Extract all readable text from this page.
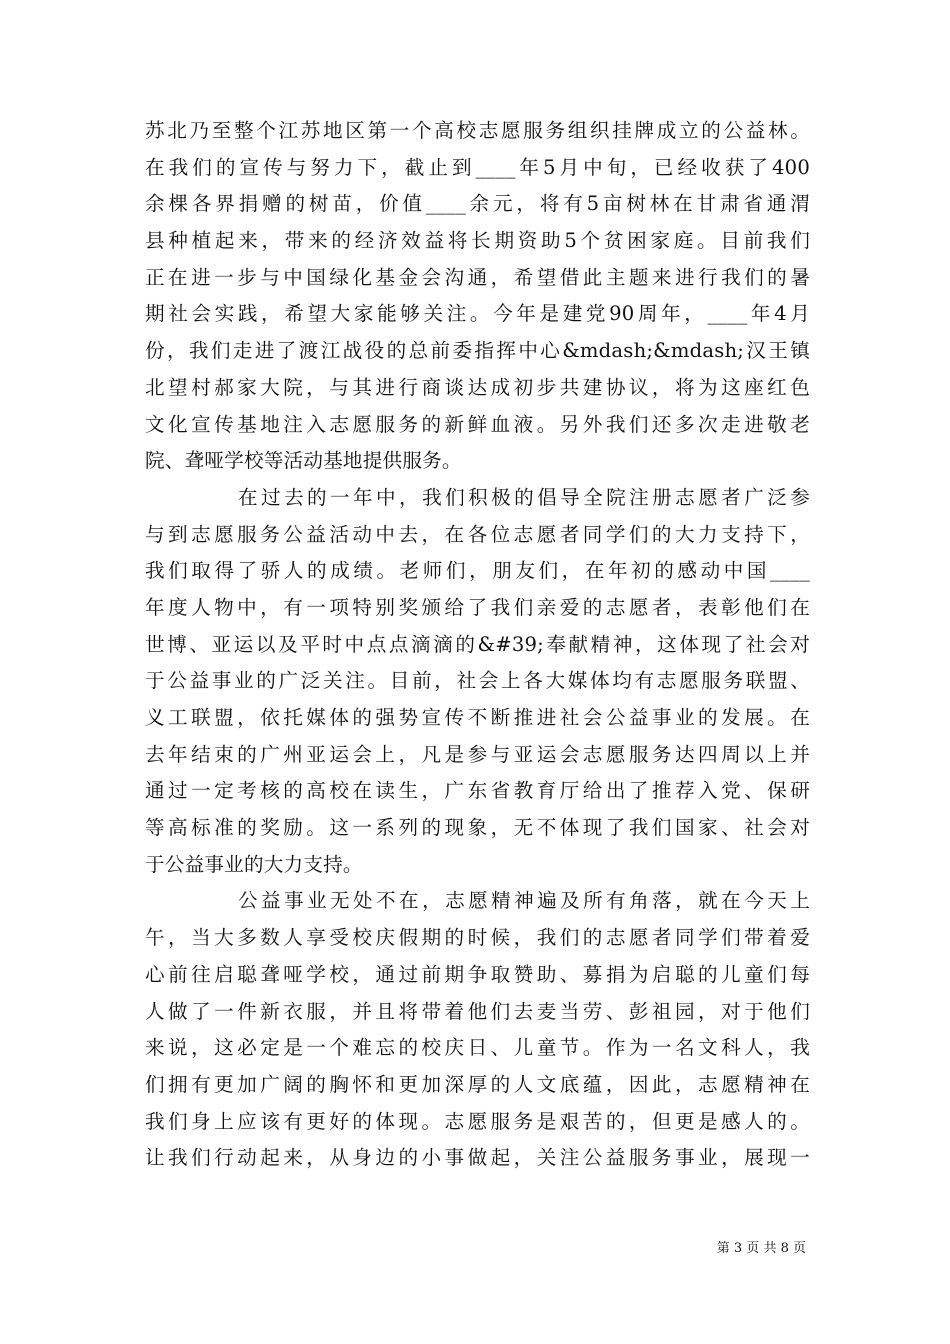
苏北乃至整个江苏地区第一个高校志愿服务组织挂牌成立的公益林。
在我们的宣传与努力下，截止到____年5月中旬，已经收获了400
余棵各界捐赠的树苗，价值____余元，将有5亩树林在甘肃省通渭
县种植起来，带来的经济效益将长期资助5个贫困家庭。目前我们
正在进一步与中国绿化基金会沟通，希望借此主题来进行我们的暑
期社会实践，希望大家能够关注。今年是建党90周年，____年4月
份，我们走进了渡江战役的总前委指挥中心&mdash;&mdash;汉王镇
北望村郝家大院，与其进行商谈达成初步共建协议，将为这座红色
文化宣传基地注入志愿服务的新鲜血液。另外我们还多次走进敬老
院、聋哑学校等活动基地提供服务。
在过去的一年中，我们积极的倡导全院注册志愿者广泛参
与到志愿服务公益活动中去，在各位志愿者同学们的大力支持下，
我们取得了骄人的成绩。老师们，朋友们，在年初的感动中国____
年度人物中，有一项特别奖颁给了我们亲爱的志愿者，表彰他们在
世博、亚运以及平时中点点滴滴的&#39;奉献精神，这体现了社会对
于公益事业的广泛关注。目前，社会上各大媒体均有志愿服务联盟、
义工联盟，依托媒体的强势宣传不断推进社会公益事业的发展。在
去年结束的广州亚运会上，凡是参与亚运会志愿服务达四周以上并
通过一定考核的高校在读生，广东省教育厅给出了推荐入党、保研
等高标准的奖励。这一系列的现象，无不体现了我们国家、社会对
于公益事业的大力支持。
公益事业无处不在，志愿精神遍及所有角落，就在今天上
午，当大多数人享受校庆假期的时候，我们的志愿者同学们带着爱
心前往启聪聋哑学校，通过前期争取赞助、募捐为启聪的儿童们每
人做了一件新衣服，并且将带着他们去麦当劳、彭祖园，对于他们
来说，这必定是一个难忘的校庆日、儿童节。作为一名文科人，我
们拥有更加广阔的胸怀和更加深厚的人文底蕴，因此，志愿精神在
我们身上应该有更好的体现。志愿服务是艰苦的，但更是感人的。
让我们行动起来，从身边的小事做起，关注公益服务事业，展现一
第 3 页 共 8 页
